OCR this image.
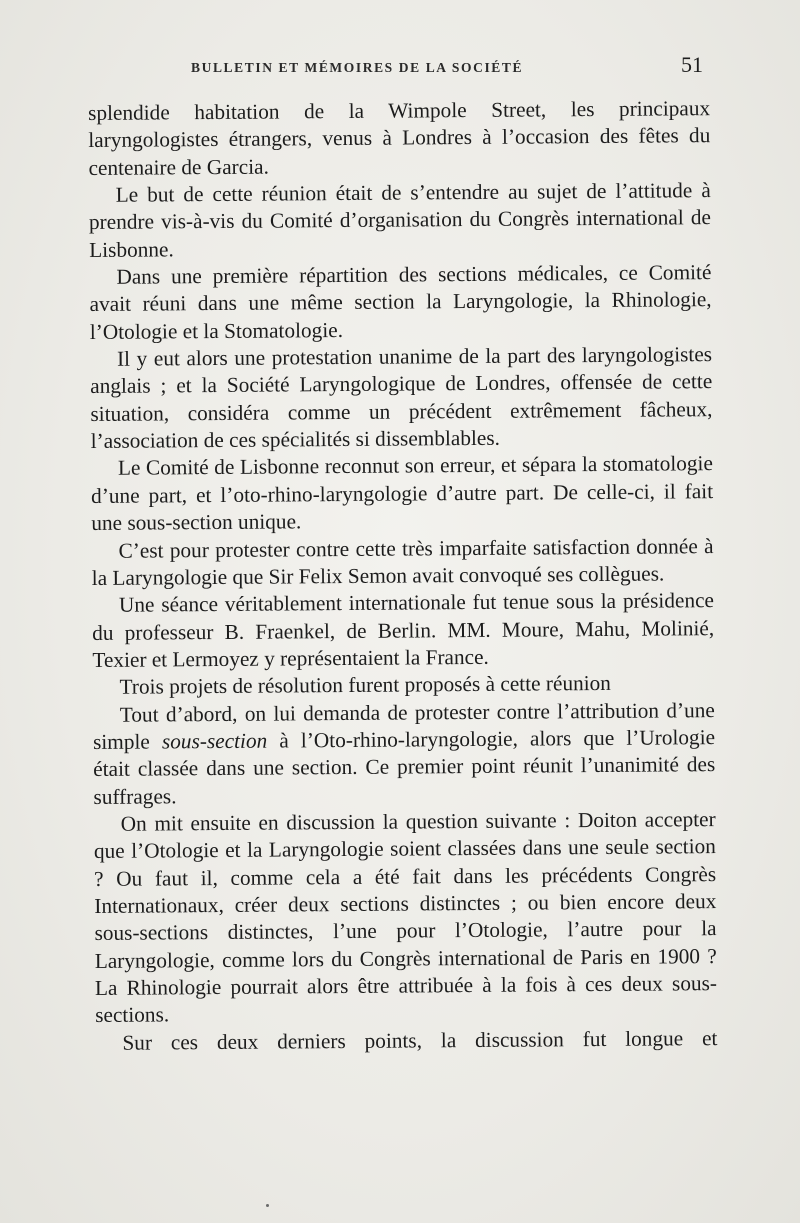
BULLETIN ET MÉMOIRES DE LA SOCIÉTÉ	51

splendide habitation de la Wimpole Street, les principaux laryngologistes étrangers, venus à Londres à l’occasion des fêtes du centenaire de Garcia.

Le but de cette réunion était de s’entendre au sujet de l’attitude à prendre vis-à-vis du Comité d’organisation du Congrès international de Lisbonne.

Dans une première répartition des sections médicales, ce Comité avait réuni dans une même section la Laryngologie, la Rhinologie, l’Otologie et la Stomatologie.

Il y eut alors une protestation unanime de la part des laryngologistes anglais ; et la Société Laryngologique de Londres, offensée de cette situation, considéra comme un précédent extrêmement fâcheux, l’association de ces spécialités si dissemblables.

Le Comité de Lisbonne reconnut son erreur, et sépara la stomatologie d’une part, et l’oto-rhino-laryngologie d’autre part. De celle-ci, il fait une sous-section unique.

C’est pour protester contre cette très imparfaite satisfaction donnée à la Laryngologie que Sir Felix Semon avait convoqué ses collègues.

Une séance véritablement internationale fut tenue sous la présidence du professeur B. Fraenkel, de Berlin. MM. Moure, Mahu, Molinié, Texier et Lermoyez y représentaient la France.

Trois projets de résolution furent proposés à cette réunion

Tout d’abord, on lui demanda de protester contre l’attribution d’une simple sous-section à l’Oto-rhino-laryngologie, alors que l’Urologie était classée dans une section. Ce premier point réunit l’unanimité des suffrages.

On mit ensuite en discussion la question suivante : Doiton accepter que l’Otologie et la Laryngologie soient classées dans une seule section ? Ou faut il, comme cela a été fait dans les précédents Congrès Internationaux, créer deux sections distinctes ; ou bien encore deux sous-sections distinctes, l’une pour l’Otologie, l’autre pour la Laryngologie, comme lors du Congrès international de Paris en 1900 ? La Rhinologie pourrait alors être attribuée à la fois à ces deux sous-sections.

Sur ces deux derniers points, la discussion fut longue et
